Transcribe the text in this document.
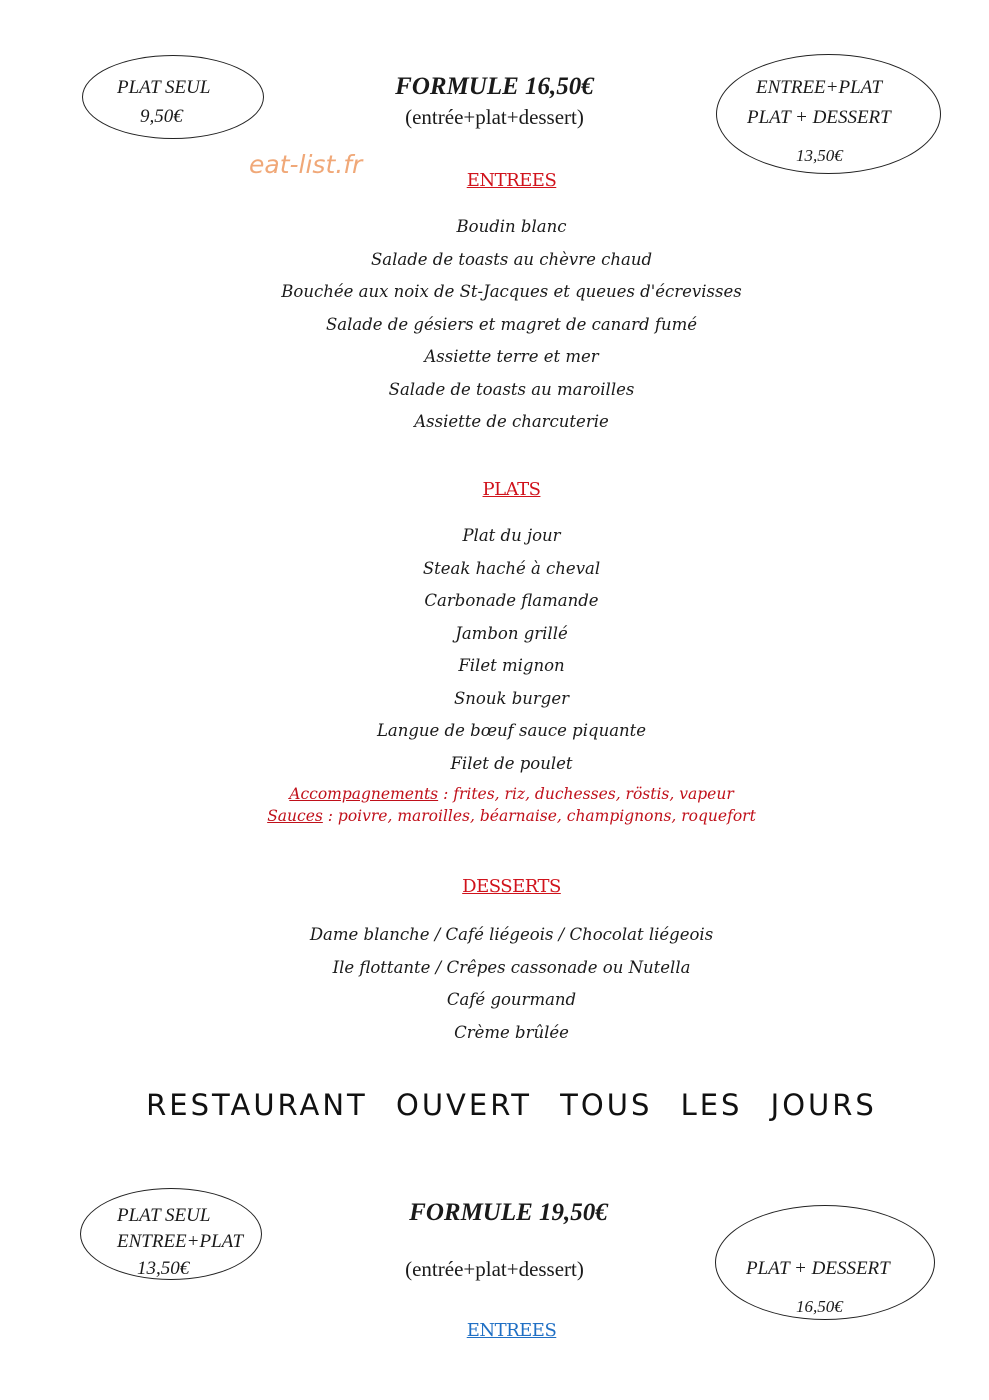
PLAT SEUL
9,50€
FORMULE 16,50€
(entrée+plat+dessert)
ENTREE+PLAT
PLAT + DESSERT
13,50€
eat-list.fr
ENTREES
Boudin blanc
Salade de toasts au chèvre chaud
Bouchée aux noix de St-Jacques et queues d'écrevisses
Salade de gésiers et magret de canard fumé
Assiette terre et mer
Salade de toasts au maroilles
Assiette de charcuterie
PLATS
Plat du jour
Steak haché à cheval
Carbonade flamande
Jambon grillé
Filet mignon
Snouk burger
Langue de bœuf sauce piquante
Filet de poulet
Accompagnements : frites, riz, duchesses, röstis, vapeur
Sauces : poivre, maroilles, béarnaise, champignons, roquefort
DESSERTS
Dame blanche / Café liégeois / Chocolat liégeois
Ile flottante / Crêpes cassonade ou Nutella
Café gourmand
Crème brûlée
RESTAURANT OUVERT TOUS LES JOURS
PLAT SEUL
ENTREE+PLAT
13,50€
FORMULE 19,50€
(entrée+plat+dessert)	PLAT + DESSERT
16,50€
ENTREES
